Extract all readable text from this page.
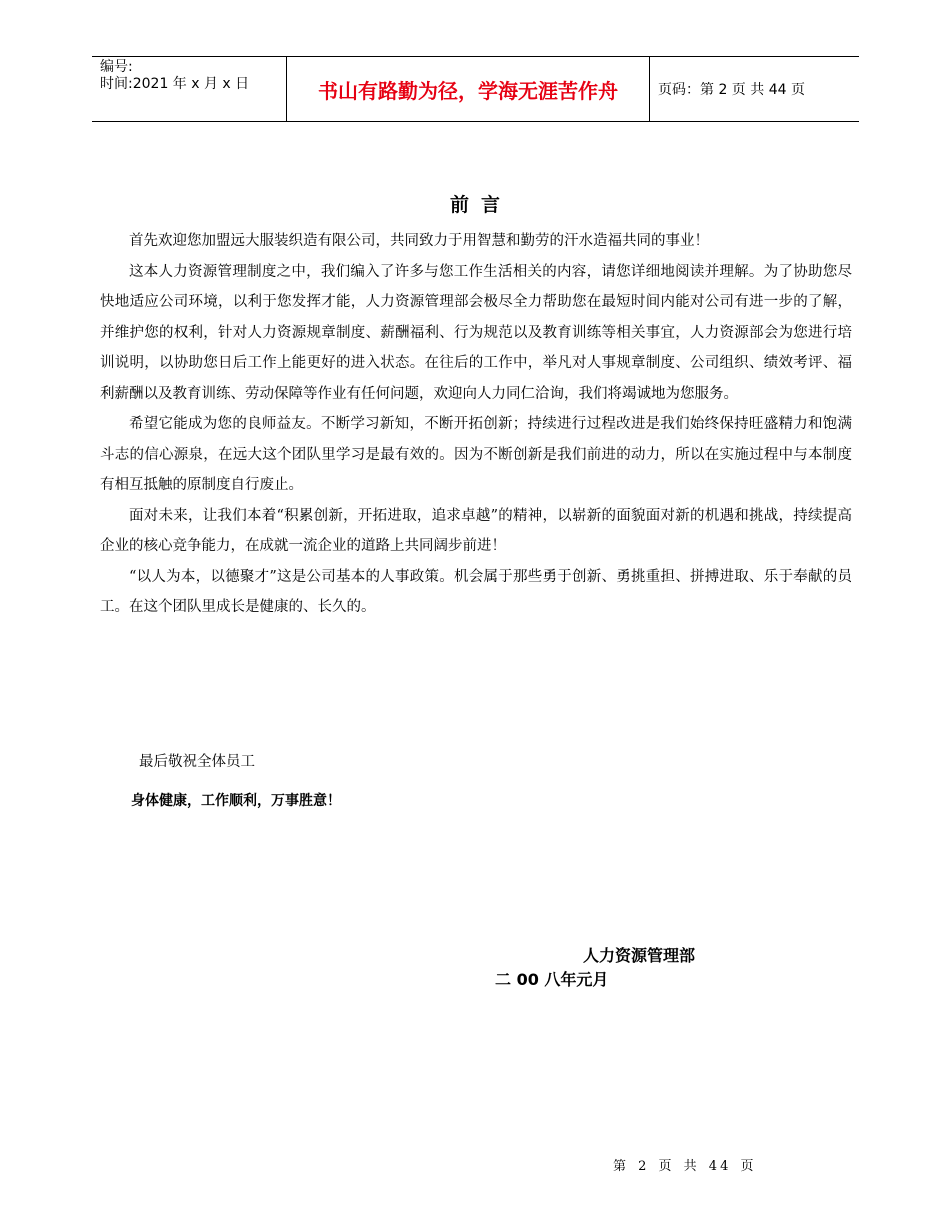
编号:
时间:2021 年 x 月 x 日	书山有路勤为径，学海无涯苦作舟	页码：第 2 页 共 44 页
前言

首先欢迎您加盟远大服装织造有限公司，共同致力于用智慧和勤劳的汗水造福共同的事业！

这本人力资源管理制度之中，我们编入了许多与您工作生活相关的内容，请您详细地阅读并理解。为了协助您尽快地适应公司环境，以利于您发挥才能，人力资源管理部会极尽全力帮助您在最短时间内能对公司有进一步的了解，并维护您的权利，针对人力资源规章制度、薪酬福利、行为规范以及教育训练等相关事宜，人力资源部会为您进行培训说明，以协助您日后工作上能更好的进入状态。在往后的工作中，举凡对人事规章制度、公司组织、绩效考评、福利薪酬以及教育训练、劳动保障等作业有任何问题，欢迎向人力同仁洽询，我们将竭诚地为您服务。

希望它能成为您的良师益友。不断学习新知，不断开拓创新；持续进行过程改进是我们始终保持旺盛精力和饱满斗志的信心源泉，在远大这个团队里学习是最有效的。因为不断创新是我们前进的动力，所以在实施过程中与本制度有相互抵触的原制度自行废止。

面对未来，让我们本着“积累创新，开拓进取，追求卓越”的精神，以崭新的面貌面对新的机遇和挑战，持续提高企业的核心竞争能力，在成就一流企业的道路上共同阔步前进！

“以人为本，以德聚才”这是公司基本的人事政策。机会属于那些勇于创新、勇挑重担、拼搏进取、乐于奉献的员工。在这个团队里成长是健康的、长久的。

最后敬祝全体员工
身体健康，工作顺利，万事胜意！
人力资源管理部
二 00 八年元月
第 2 页 共 44 页
